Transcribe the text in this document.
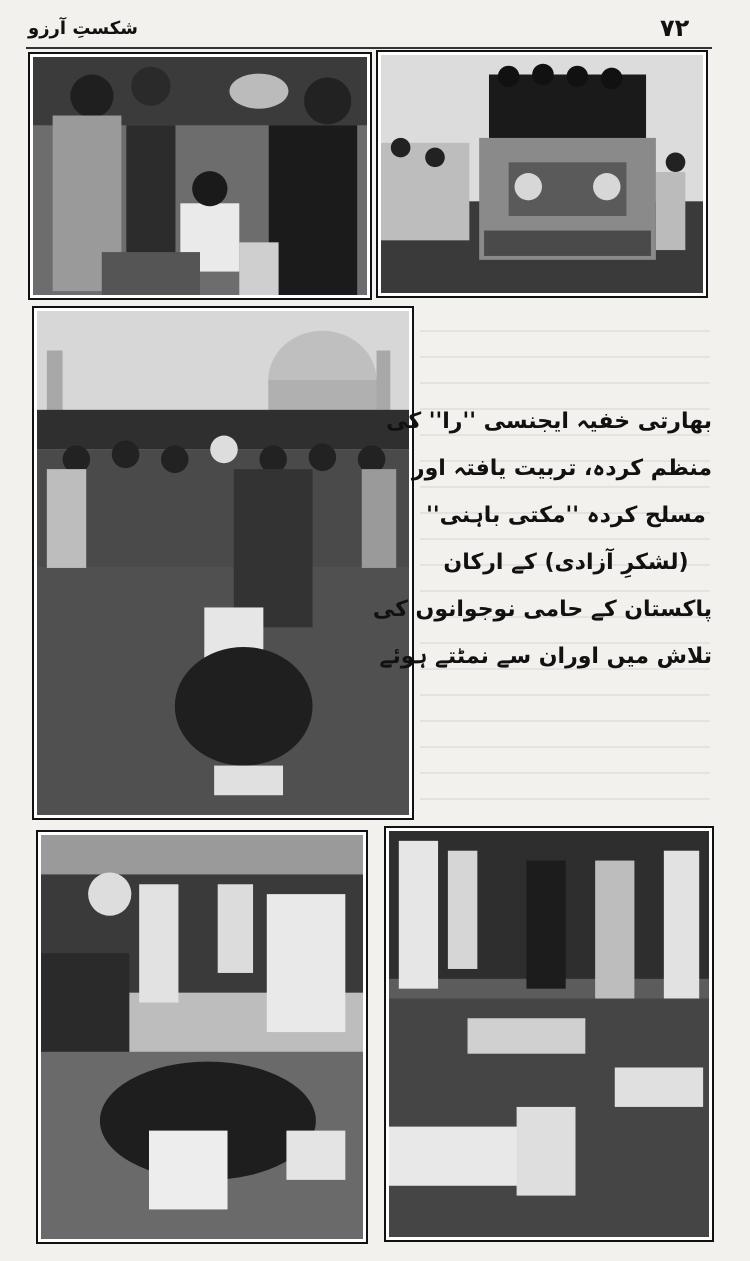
شکستِ آرزو	۷۲
بھارتی خفیہ ایجنسی ''را'' کی
منظم کردہ، تربیت یافتہ اور
مسلح کردہ ''مکتی باہنی''
(لشکرِ آزادی) کے ارکان
پاکستان کے حامی نوجوانوں کی
تلاش میں اوران سے نمٹتے ہوئے
